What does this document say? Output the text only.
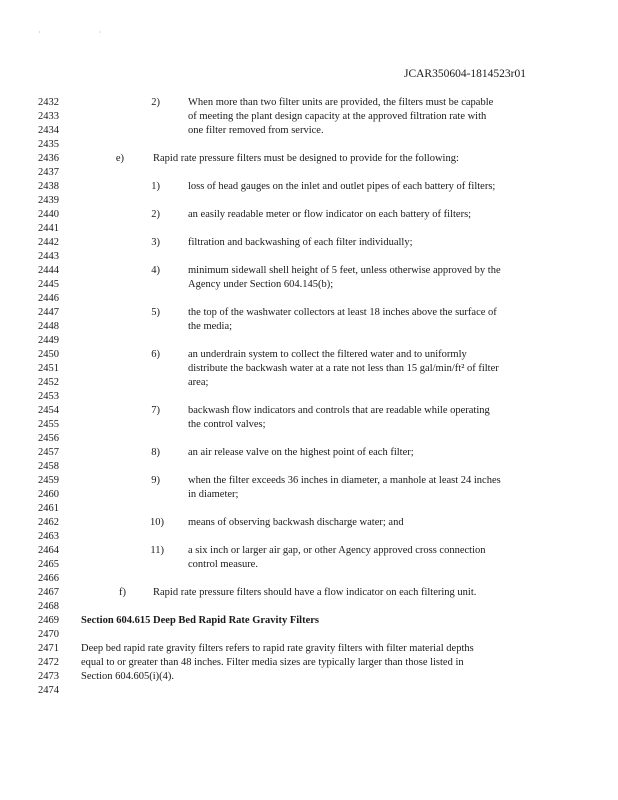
· ·
JCAR350604-1814523r01
2432
2433
2434
2435
2436
2437
2438
2439
2440
2441
2442
2443
2444
2445
2446
2447
2448
2449
2450
2451
2452
2453
2454
2455
2456
2457
2458
2459
2460
2461
2462
2463
2464
2465
2466
2467
2468
2469
2470
2471
2472
2473
2474
2)	When more than two filter units are provided, the filters must be capable
of meeting the plant design capacity at the approved filtration rate with
one filter removed from service.
e)	Rapid rate pressure filters must be designed to provide for the following:
1)	loss of head gauges on the inlet and outlet pipes of each battery of filters;
2)	an easily readable meter or flow indicator on each battery of filters;
3)	filtration and backwashing of each filter individually;
4)	minimum sidewall shell height of 5 feet, unless otherwise approved by the
Agency under Section 604.145(b);
5)	the top of the washwater collectors at least 18 inches above the surface of
the media;
6)	an underdrain system to collect the filtered water and to uniformly
distribute the backwash water at a rate not less than 15 gal/min/ft² of filter
area;
7)	backwash flow indicators and controls that are readable while operating
the control valves;
8)	an air release valve on the highest point of each filter;
9)	when the filter exceeds 36 inches in diameter, a manhole at least 24 inches
in diameter;
10) means of observing backwash discharge water; and
11) a six inch or larger air gap, or other Agency approved cross connection
control measure.
f)	Rapid rate pressure filters should have a flow indicator on each filtering unit.
Section 604.615 Deep Bed Rapid Rate Gravity Filters
Deep bed rapid rate gravity filters refers to rapid rate gravity filters with filter material depths
equal to or greater than 48 inches. Filter media sizes are typically larger than those listed in
Section 604.605(i)(4).
